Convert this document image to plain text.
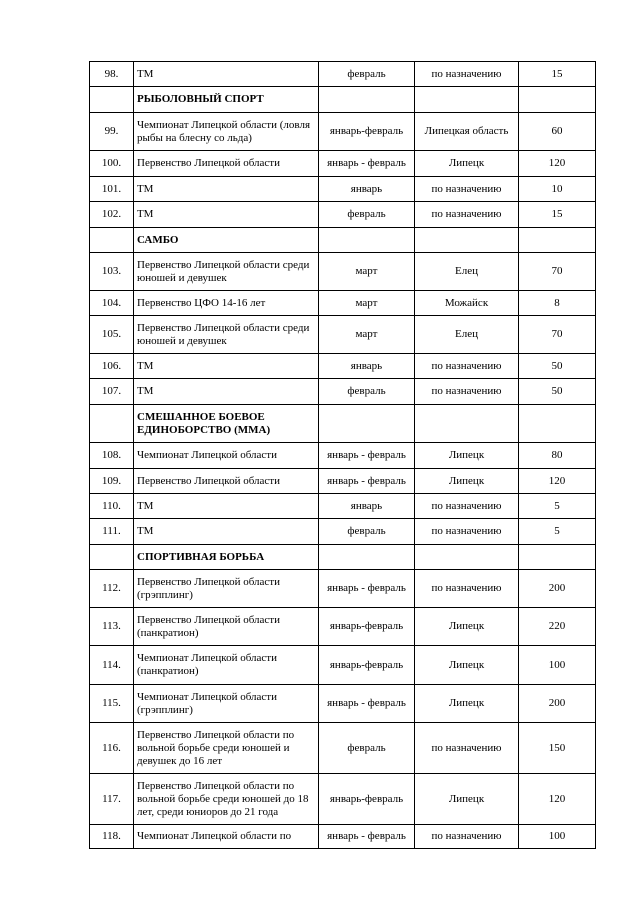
98.	ТМ	февраль	по назначению	15
	РЫБОЛОВНЫЙ СПОРТ			
99.	Чемпионат Липецкой области (ловля рыбы на блесну со льда)	январь-февраль	Липецкая область	60
100.	Первенство Липецкой области	январь - февраль	Липецк	120
101.	ТМ	январь	по назначению	10
102.	ТМ	февраль	по назначению	15
	САМБО			
103.	Первенство Липецкой области среди юношей и девушек	март	Елец	70
104.	Первенство ЦФО 14-16 лет	март	Можайск	8
105.	Первенство Липецкой области среди юношей и девушек	март	Елец	70
106.	ТМ	январь	по назначению	50
107.	ТМ	февраль	по назначению	50
	СМЕШАННОЕ БОЕВОЕ ЕДИНОБОРСТВО (ММА)			
108.	Чемпионат Липецкой области	январь - февраль	Липецк	80
109.	Первенство Липецкой области	январь - февраль	Липецк	120
110.	ТМ	январь	по назначению	5
111.	ТМ	февраль	по назначению	5
	СПОРТИВНАЯ БОРЬБА			
112.	Первенство Липецкой области (грэпплинг)	январь - февраль	по назначению	200
113.	Первенство Липецкой области (панкратион)	январь-февраль	Липецк	220
114.	Чемпионат Липецкой области (панкратион)	январь-февраль	Липецк	100
115.	Чемпионат Липецкой области (грэпплинг)	январь - февраль	Липецк	200
116.	Первенство Липецкой области по вольной борьбе среди юношей и девушек до 16 лет	февраль	по назначению	150
117.	Первенство Липецкой области по вольной борьбе среди юношей до 18 лет, среди юниоров до 21 года	январь-февраль	Липецк	120
118.	Чемпионат Липецкой области по	январь - февраль	по назначению	100
